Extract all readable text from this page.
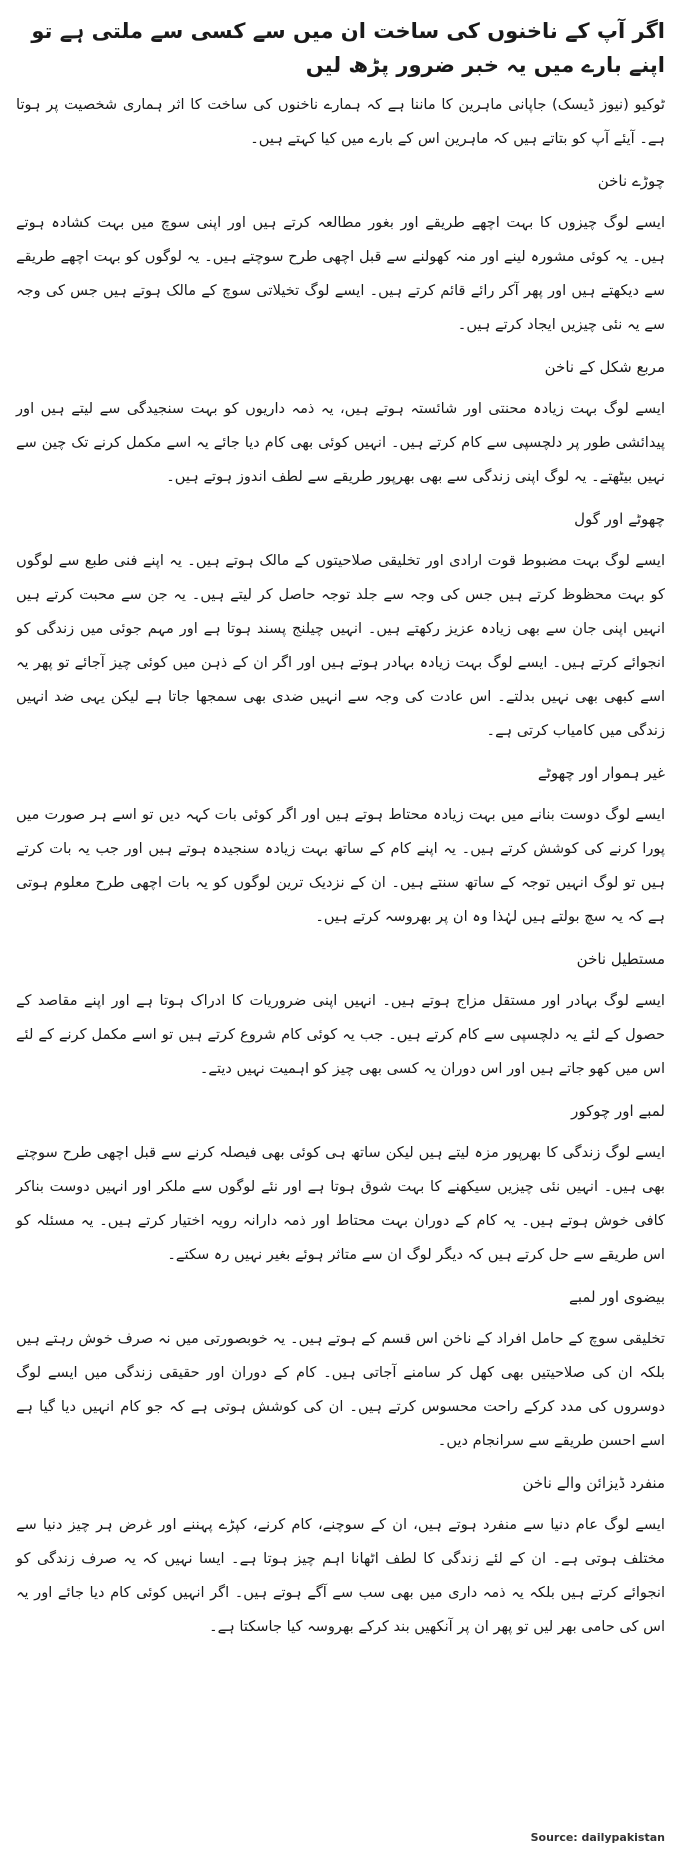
اگر آپ کے ناخنوں کی ساخت ان میں سے کسی سے ملتی ہے تو اپنے بارے میں یہ خبر ضرور پڑھ لیں
ٹوکیو (نیوز ڈیسک) جاپانی ماہرین کا ماننا ہے کہ ہمارے ناخنوں کی ساخت کا اثر ہماری شخصیت پر ہوتا ہے۔ آیئے آپ کو بتاتے ہیں کہ ماہرین اس کے بارے میں کیا کہتے ہیں۔
چوڑے ناخن
ایسے لوگ چیزوں کا بہت اچھے طریقے اور بغور مطالعہ کرتے ہیں اور اپنی سوچ میں بہت کشادہ ہوتے ہیں۔ یہ کوئی مشورہ لینے اور منہ کھولنے سے قبل اچھی طرح سوچتے ہیں۔ یہ لوگوں کو بہت اچھے طریقے سے دیکھتے ہیں اور پھر آکر رائے قائم کرتے ہیں۔ ایسے لوگ تخیلاتی سوچ کے مالک ہوتے ہیں جس کی وجہ سے یہ نئی چیزیں ایجاد کرتے ہیں۔
مربع شکل کے ناخن
ایسے لوگ بہت زیادہ محنتی اور شائستہ ہوتے ہیں، یہ ذمہ داریوں کو بہت سنجیدگی سے لیتے ہیں اور پیدائشی طور پر دلچسپی سے کام کرتے ہیں۔ انہیں کوئی بھی کام دیا جائے یہ اسے مکمل کرنے تک چین سے نہیں بیٹھتے۔ یہ لوگ اپنی زندگی سے بھی بھرپور طریقے سے لطف اندوز ہوتے ہیں۔
چھوٹے اور گول
ایسے لوگ بہت مضبوط قوت ارادی اور تخلیقی صلاحیتوں کے مالک ہوتے ہیں۔ یہ اپنے فنی طبع سے لوگوں کو بہت محظوظ کرتے ہیں جس کی وجہ سے جلد توجہ حاصل کر لیتے ہیں۔ یہ جن سے محبت کرتے ہیں انہیں اپنی جان سے بھی زیادہ عزیز رکھتے ہیں۔ انہیں چیلنج پسند ہوتا ہے اور مہم جوئی میں زندگی کو انجوائے کرتے ہیں۔ ایسے لوگ بہت زیادہ بہادر ہوتے ہیں اور اگر ان کے ذہن میں کوئی چیز آجائے تو پھر یہ اسے کبھی بھی نہیں بدلتے۔ اس عادت کی وجہ سے انہیں ضدی بھی سمجھا جاتا ہے لیکن یہی ضد انہیں زندگی میں کامیاب کرتی ہے۔
غیر ہموار اور چھوٹے
ایسے لوگ دوست بنانے میں بہت زیادہ محتاط ہوتے ہیں اور اگر کوئی بات کہہ دیں تو اسے ہر صورت میں پورا کرنے کی کوشش کرتے ہیں۔ یہ اپنے کام کے ساتھ بہت زیادہ سنجیدہ ہوتے ہیں اور جب یہ بات کرتے ہیں تو لوگ انہیں توجہ کے ساتھ سنتے ہیں۔ ان کے نزدیک ترین لوگوں کو یہ بات اچھی طرح معلوم ہوتی ہے کہ یہ سچ بولتے ہیں لہٰذا وہ ان پر بھروسہ کرتے ہیں۔
مستطیل ناخن
ایسے لوگ بہادر اور مستقل مزاج ہوتے ہیں۔ انہیں اپنی ضروریات کا ادراک ہوتا ہے اور اپنے مقاصد کے حصول کے لئے یہ دلچسپی سے کام کرتے ہیں۔ جب یہ کوئی کام شروع کرتے ہیں تو اسے مکمل کرنے کے لئے اس میں کھو جاتے ہیں اور اس دوران یہ کسی بھی چیز کو اہمیت نہیں دیتے۔
لمبے اور چوکور
ایسے لوگ زندگی کا بھرپور مزہ لیتے ہیں لیکن ساتھ ہی کوئی بھی فیصلہ کرنے سے قبل اچھی طرح سوچتے بھی ہیں۔ انہیں نئی چیزیں سیکھنے کا بہت شوق ہوتا ہے اور نئے لوگوں سے ملکر اور انہیں دوست بناکر کافی خوش ہوتے ہیں۔ یہ کام کے دوران بہت محتاط اور ذمہ دارانہ رویہ اختیار کرتے ہیں۔ یہ مسئلہ کو اس طریقے سے حل کرتے ہیں کہ دیگر لوگ ان سے متاثر ہوئے بغیر نہیں رہ سکتے۔
بیضوی اور لمبے
تخلیقی سوچ کے حامل افراد کے ناخن اس قسم کے ہوتے ہیں۔ یہ خوبصورتی میں نہ صرف خوش رہتے ہیں بلکہ ان کی صلاحیتیں بھی کھل کر سامنے آجاتی ہیں۔ کام کے دوران اور حقیقی زندگی میں ایسے لوگ دوسروں کی مدد کرکے راحت محسوس کرتے ہیں۔ ان کی کوشش ہوتی ہے کہ جو کام انہیں دیا گیا ہے اسے احسن طریقے سے سرانجام دیں۔
منفرد ڈیزائن والے ناخن
ایسے لوگ عام دنیا سے منفرد ہوتے ہیں، ان کے سوچنے، کام کرنے، کپڑے پہننے اور غرض ہر چیز دنیا سے مختلف ہوتی ہے۔ ان کے لئے زندگی کا لطف اٹھانا اہم چیز ہوتا ہے۔ ایسا نہیں کہ یہ صرف زندگی کو انجوائے کرتے ہیں بلکہ یہ ذمہ داری میں بھی سب سے آگے ہوتے ہیں۔ اگر انہیں کوئی کام دیا جائے اور یہ اس کی حامی بھر لیں تو پھر ان پر آنکھیں بند کرکے بھروسہ کیا جاسکتا ہے۔
Source: dailypakistan
